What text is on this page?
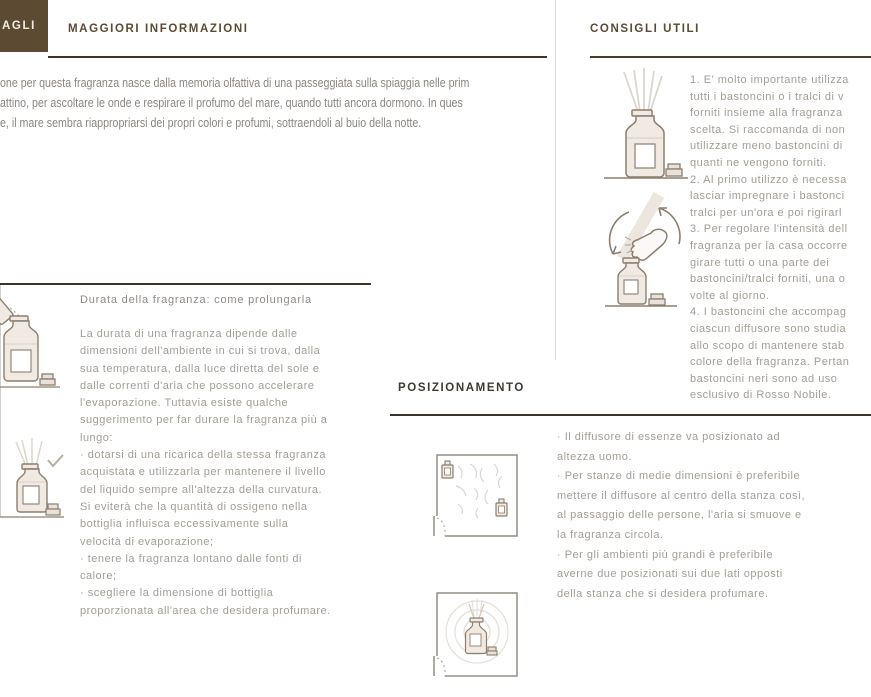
AGLI	MAGGIORI INFORMAZIONI
one per questa fragranza nasce dalla memoria olfattiva di una passeggiata sulla spiaggia nelle prim
attino, per ascoltare le onde e respirare il profumo del mare, quando tutti ancora dormono. In ques
e, il mare sembra riappropriarsi dei propri colori e profumi, sottraendoli al buio della notte.
CONSIGLI UTILI
1. E' molto importante utilizza
tutti i bastoncini o i tralci di v
forniti insieme alla fragranza
scelta. Si raccomanda di non
utilizzare meno bastoncini di
quanti ne vengono forniti.
2. Al primo utilizzo è necessa
lasciar impregnare i bastonci
tralci per un'ora e poi rigirarl
3. Per regolare l'intensità dell
fragranza per la casa occorre
girare tutti o una parte dei
bastoncini/tralci forniti, una o
volte al giorno.
4. I bastoncini che accompag
ciascun diffusore sono studia
allo scopo di mantenere stab
colore della fragranza. Pertan
bastoncini neri sono ad uso
esclusivo di Rosso Nobile.
Durata della fragranza: come prolungarla
La durata di una fragranza dipende dalle
dimensioni dell'ambiente in cui si trova, dalla
sua temperatura, dalla luce diretta del sole e
dalle correnti d'aria che possono accelerare
l'evaporazione. Tuttavia esiste qualche
suggerimento per far durare la fragranza più a
lungo:
· dotarsi di una ricarica della stessa fragranza
acquistata e utilizzarla per mantenere il livello
del liquido sempre all'altezza della curvatura.
Si eviterà che la quantità di ossigeno nella
bottiglia influisca eccessivamente sulla
velocità di evaporazione;
· tenere la fragranza lontano dalle fonti di
calore;
· scegliere la dimensione di bottiglia
proporzionata all'area che desidera profumare.
POSIZIONAMENTO
· Il diffusore di essenze va posizionato ad
altezza uomo.
· Per stanze di medie dimensioni è preferibile
mettere il diffusore al centro della stanza così,
al passaggio delle persone, l'aria si smuove e
la fragranza circola.
· Per gli ambienti più grandi è preferibile
averne due posizionati sui due lati opposti
della stanza che si desidera profumare.
